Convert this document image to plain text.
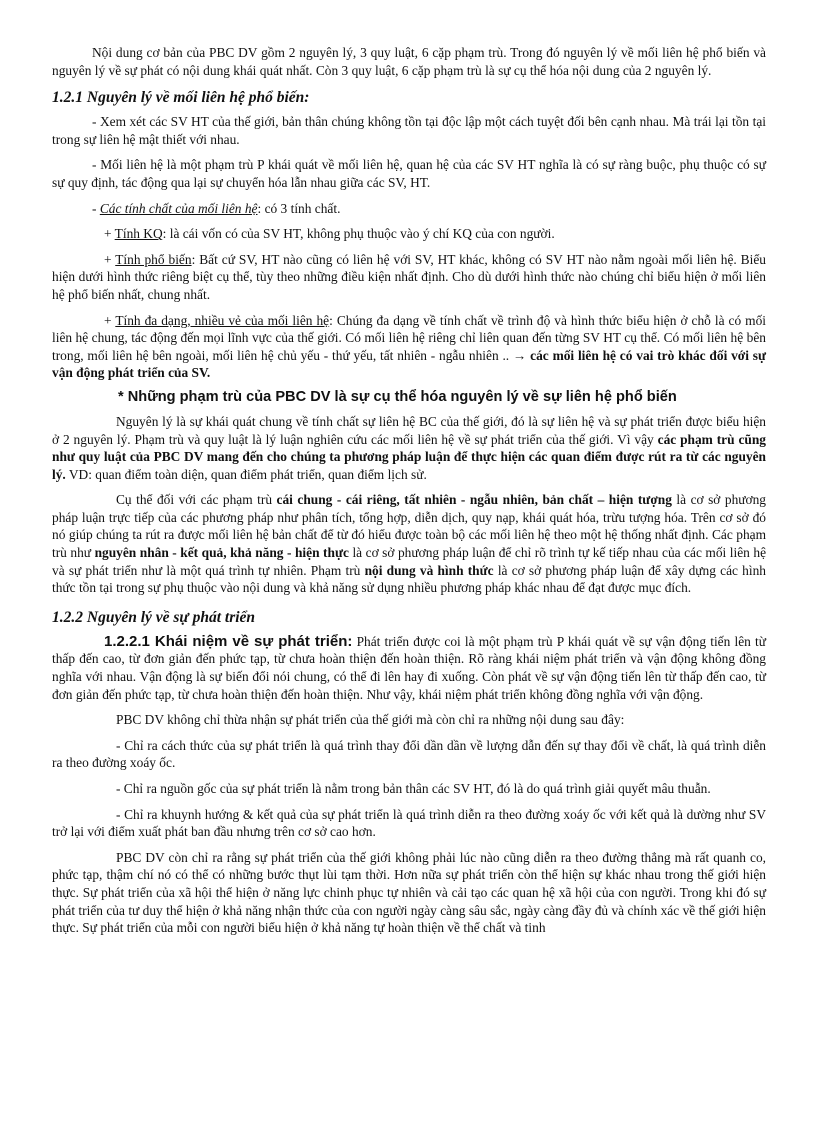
Nội dung cơ bản của PBC DV gồm 2 nguyên lý, 3 quy luật, 6 cặp phạm trù. Trong đó nguyên lý về mối liên hệ phổ biến và nguyên lý về sự phát có nội dung khái quát nhất. Còn 3 quy luật, 6 cặp phạm trù là sự cụ thể hóa nội dung của 2 nguyên lý.

1.2.1 Nguyên lý về mối liên hệ phổ biến:

- Xem xét các SV HT của thế giới, bản thân chúng không tồn tại độc lập một cách tuyệt đối bên cạnh nhau. Mà trái lại tồn tại trong sự liên hệ mật thiết với nhau.

- Mối liên hệ là một phạm trù P khái quát về mối liên hệ, quan hệ của các SV HT nghĩa là có sự ràng buộc, phụ thuộc có sự sự quy định, tác động qua lại sự chuyển hóa lẫn nhau giữa các SV, HT.

- Các tính chất của mối liên hệ: có 3 tính chất.

+ Tính KQ: là cái vốn có của SV HT, không phụ thuộc vào ý chí KQ của con người.

+ Tính phổ biến: Bất cứ SV, HT nào cũng có liên hệ với SV, HT khác, không có SV HT nào nằm ngoài mối liên hệ. Biểu hiện dưới hình thức riêng biệt cụ thể, tùy theo những điều kiện nhất định. Cho dù dưới hình thức nào chúng chỉ biểu hiện ở mối liên hệ phổ biến nhất, chung nhất.

+ Tính đa dạng, nhiều vẻ của mối liên hệ: Chúng đa dạng về tính chất về trình độ và hình thức biểu hiện ở chỗ là có mối liên hệ chung, tác động đến mọi lĩnh vực của thế giới. Có mối liên hệ riêng chỉ liên quan đến từng SV HT cụ thể. Có mối liên hệ bên trong, mối liên hệ bên ngoài, mối liên hệ chủ yếu - thứ yếu, tất nhiên - ngẫu nhiên .. → các mối liên hệ có vai trò khác đối với sự vận động phát triển của SV.

* Những phạm trù của PBC DV là sự cụ thể hóa nguyên lý về sự liên hệ phổ biến

Nguyên lý là sự khái quát chung về tính chất sự liên hệ BC của thế giới, đó là sự liên hệ và sự phát triển được biểu hiện ở 2 nguyên lý. Phạm trù và quy luật là lý luận nghiên cứu các mối liên hệ về sự phát triển của thế giới. Vì vậy các phạm trù cũng như quy luật của PBC DV mang đến cho chúng ta phương pháp luận để thực hiện các quan điểm được rút ra từ các nguyên lý. VD: quan điểm toàn diện, quan điểm phát triển, quan điểm lịch sử.

Cụ thể đối với các phạm trù cái chung - cái riêng, tất nhiên - ngẫu nhiên, bản chất – hiện tượng là cơ sở phương pháp luận trực tiếp của các phương pháp như phân tích, tổng hợp, diễn dịch, quy nạp, khái quát hóa, trừu tượng hóa. Trên cơ sở đó nó giúp chúng ta rút ra được mối liên hệ bản chất để từ đó hiểu được toàn bộ các mối liên hệ theo một hệ thống nhất định. Các phạm trù như nguyên nhân - kết quả, khả năng - hiện thực là cơ sở phương pháp luận để chỉ rõ trình tự kế tiếp nhau của các mối liên hệ và sự phát triển như là một quá trình tự nhiên. Phạm trù nội dung và hình thức là cơ sở phương pháp luận để xây dựng các hình thức tồn tại trong sự phụ thuộc vào nội dung và khả năng sử dụng nhiều phương pháp khác nhau để đạt được mục đích.

1.2.2 Nguyên lý về sự phát triển

1.2.2.1 Khái niệm về sự phát triển: Phát triển được coi là một phạm trù P khái quát về sự vận động tiến lên từ thấp đến cao, từ đơn giản đến phức tạp, từ chưa hoàn thiện đến hoàn thiện. Rõ ràng khái niệm phát triển và vận động không đồng nghĩa với nhau. Vận động là sự biến đổi nói chung, có thể đi lên hay đi xuống. Còn phát về sự vận động tiến lên từ thấp đến cao, từ đơn giản đến phức tạp, từ chưa hoàn thiện đến hoàn thiện. Như vậy, khái niệm phát triển không đồng nghĩa với vận động.

PBC DV không chỉ thừa nhận sự phát triển của thế giới mà còn chỉ ra những nội dung sau đây:

- Chỉ ra cách thức của sự phát triển là quá trình thay đổi dần dần về lượng dẫn đến sự thay đổi về chất, là quá trình diễn ra theo đường xoáy ốc.

- Chỉ ra nguồn gốc của sự phát triển là nằm trong bản thân các SV HT, đó là do quá trình giải quyết mâu thuẫn.

- Chỉ ra khuynh hướng & kết quả của sự phát triển là quá trình diễn ra theo đường xoáy ốc với kết quả là dường như SV trở lại với điểm xuất phát ban đầu nhưng trên cơ sở cao hơn.

PBC DV còn chỉ ra rằng sự phát triển của thế giới không phải lúc nào cũng diễn ra theo đường thẳng mà rất quanh co, phức tạp, thậm chí nó có thể có những bước thụt lùi tạm thời. Hơn nữa sự phát triển còn thể hiện sự khác nhau trong thế giới hiện thực. Sự phát triển của xã hội thể hiện ở năng lực chinh phục tự nhiên và cải tạo các quan hệ xã hội của con người. Trong khi đó sự phát triển của tư duy thể hiện ở khả năng nhận thức của con người ngày càng sâu sắc, ngày càng đầy đủ và chính xác về thế giới hiện thực. Sự phát triển của mỗi con người biểu hiện ở khả năng tự hoàn thiện về thể chất và tinh
